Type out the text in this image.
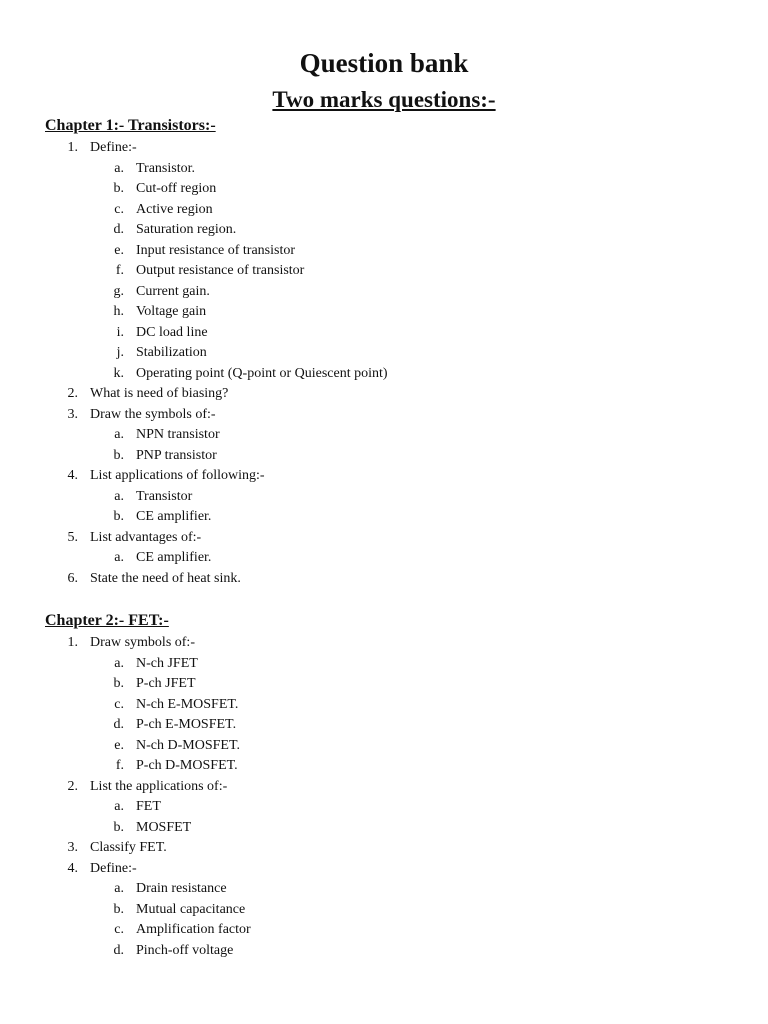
Question bank
Two marks questions:-
Chapter 1:- Transistors:-
1. Define:-
a. Transistor.
b. Cut-off region
c. Active region
d. Saturation region.
e. Input resistance of transistor
f. Output resistance of transistor
g. Current gain.
h. Voltage gain
i. DC load line
j. Stabilization
k. Operating point (Q-point or Quiescent point)
2. What is need of biasing?
3. Draw the symbols of:-
a. NPN transistor
b. PNP transistor
4. List applications of following:-
a. Transistor
b. CE amplifier.
5. List advantages of:-
a. CE amplifier.
6. State the need of heat sink.
Chapter 2:- FET:-
1. Draw symbols of:-
a. N-ch JFET
b. P-ch JFET
c. N-ch E-MOSFET.
d. P-ch E-MOSFET.
e. N-ch D-MOSFET.
f. P-ch D-MOSFET.
2. List the applications of:-
a. FET
b. MOSFET
3. Classify FET.
4. Define:-
a. Drain resistance
b. Mutual capacitance
c. Amplification factor
d. Pinch-off voltage
